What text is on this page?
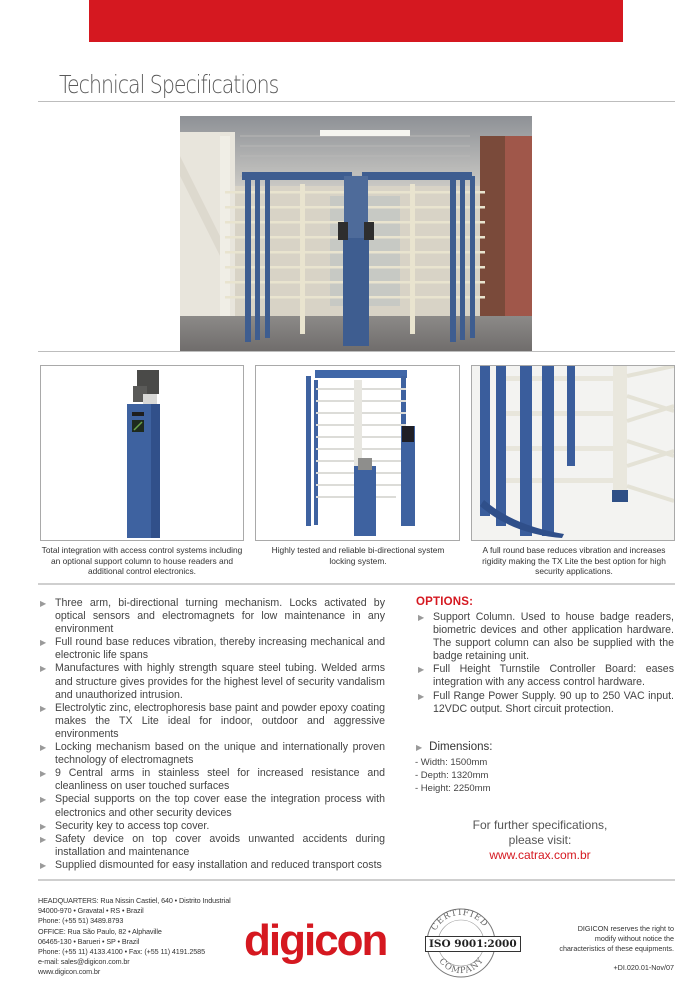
Technical Specifications
Total integration with access control systems including an optional support column to house readers and additional control electronics.
Highly tested and reliable bi-directional system locking system.
A full round base reduces vibration and increases rigidity making the TX Lite the best option for high security applications.
▶ Three arm, bi-directional turning mechanism. Locks activated by optical sensors and electromagnets for low maintenance in any environment
▶ Full round base reduces vibration, thereby increasing mechanical and electronic life spans
▶ Manufactures with highly strength square steel tubing. Welded arms and structure gives provides for the highest level of security vandalism and unauthorized intrusion.
▶ Electrolytic zinc, electrophoresis base paint and powder epoxy coating makes the TX Lite ideal for indoor, outdoor and aggressive environments
▶ Locking mechanism based on the unique and internationally proven technology of electromagnets
▶ 9 Central arms in stainless steel for increased resistance and cleanliness on user touched surfaces
▶ Special supports on the top cover ease the integration process with electronics and other security devices
▶ Security key to access top cover.
▶ Safety device on top cover avoids unwanted accidents during installation and maintenance
▶ Supplied dismounted for easy installation and reduced transport costs
OPTIONS:
▶ Support Column. Used to house badge readers, biometric devices and other application hardware. The support column can also be supplied with the badge retaining unit.
▶ Full Height Turnstile Controller Board: eases integration with any access control hardware.
▶ Full Range Power Supply. 90 up to 250 VAC input. 12VDC output. Short circuit protection.
▶ Dimensions:
- Width: 1500mm
- Depth: 1320mm
- Height: 2250mm
For further specifications,
please visit:
www.catrax.com.br
HEADQUARTERS: Rua Nissin Castiel, 640 • Distrito Industrial
94000-970 • Gravatal • RS • Brazil
Phone: (+55 51) 3489.8793
OFFICE: Rua São Paulo, 82 • Alphaville
06465-130 • Barueri • SP • Brazil
Phone: (+55 11) 4133.4100 • Fax: (+55 11) 4191.2585
e-mail: sales@digicon.com.br
www.digicon.com.br
digicon	CERTIFIED
COMPANY
ISO 9001:2000
DIGICON reserves the right to
modify without notice the
characteristics of these equipments.
+DI.020.01-Nov/07
